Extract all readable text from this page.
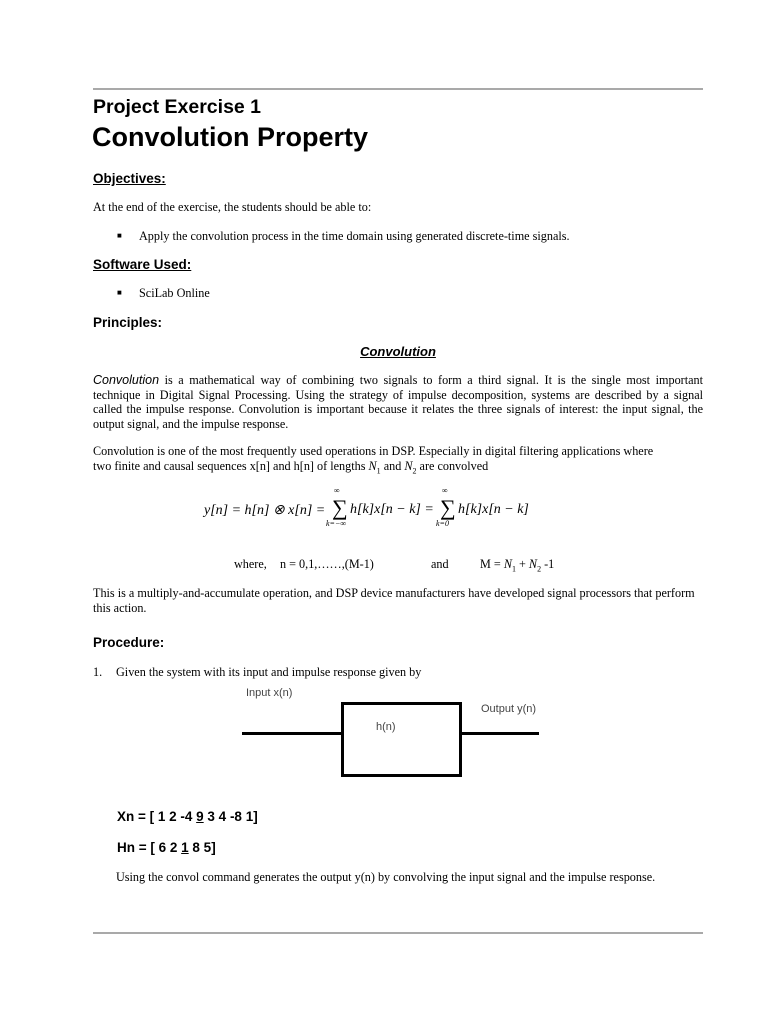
Project Exercise 1
Convolution Property
Objectives:
At the end of the exercise, the students should be able to:
■ Apply the convolution process in the time domain using generated discrete-time signals.
Software Used:
■ SciLab Online
Principles:
Convolution
Convolution is a mathematical way of combining two signals to form a third signal. It is the single most important technique in Digital Signal Processing. Using the strategy of impulse decomposition, systems are described by a signal called the impulse response. Convolution is important because it relates the three signals of interest: the input signal, the output signal, and the impulse response.
Convolution is one of the most frequently used operations in DSP. Especially in digital filtering applications where
two finite and causal sequences x[n] and h[n] of lengths $N_1$ and $N_2$ are convolved
y[n] = h[n] ⊗ x[n] =
∞
∑
k=−∞
h[k]x[n − k] =
∞
∑
k=0
h[k]x[n − k]
where, n = 0,1,……,(M-1)	and	$M = N_1 + N_2$ -1
This is a multiply-and-accumulate operation, and DSP device manufacturers have developed signal processors that perform this action.
Procedure:
1. Given the system with its input and impulse response given by
Input x(n)
h(n)
Output y(n)
Xn = [ 1 2 -4 9 3 4 -8 1]
Hn = [ 6 2 1 8 5]
Using the convol command generates the output y(n) by convolving the input signal and the impulse response.
